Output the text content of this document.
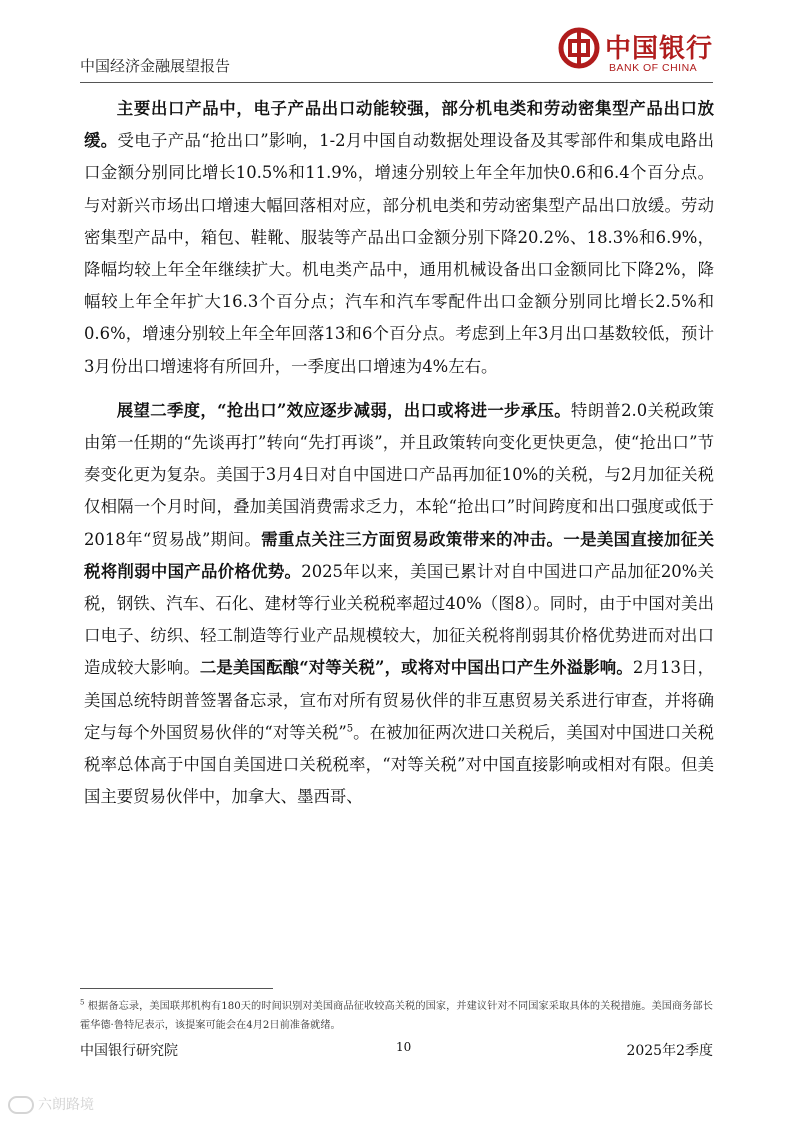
中国经济金融展望报告
中国银行
BANK OF CHINA

主要出口产品中，电子产品出口动能较强，部分机电类和劳动密集型产品出口放缓。受电子产品“抢出口”影响，1-2月中国自动数据处理设备及其零部件和集成电路出口金额分别同比增长10.5%和11.9%，增速分别较上年全年加快0.6和6.4个百分点。与对新兴市场出口增速大幅回落相对应，部分机电类和劳动密集型产品出口放缓。劳动密集型产品中，箱包、鞋靴、服装等产品出口金额分别下降20.2%、18.3%和6.9%，降幅均较上年全年继续扩大。机电类产品中，通用机械设备出口金额同比下降2%，降幅较上年全年扩大16.3个百分点；汽车和汽车零配件出口金额分别同比增长2.5%和0.6%，增速分别较上年全年回落13和6个百分点。考虑到上年3月出口基数较低，预计3月份出口增速将有所回升，一季度出口增速为4%左右。

展望二季度，“抢出口”效应逐步减弱，出口或将进一步承压。特朗普2.0关税政策由第一任期的“先谈再打”转向“先打再谈”，并且政策转向变化更快更急，使“抢出口”节奏变化更为复杂。美国于3月4日对自中国进口产品再加征10%的关税，与2月加征关税仅相隔一个月时间，叠加美国消费需求乏力，本轮“抢出口”时间跨度和出口强度或低于2018年“贸易战”期间。需重点关注三方面贸易政策带来的冲击。一是美国直接加征关税将削弱中国产品价格优势。2025年以来，美国已累计对自中国进口产品加征20%关税，钢铁、汽车、石化、建材等行业关税税率超过40%（图8）。同时，由于中国对美出口电子、纺织、轻工制造等行业产品规模较大，加征关税将削弱其价格优势进而对出口造成较大影响。二是美国酝酿“对等关税”，或将对中国出口产生外溢影响。2月13日，美国总统特朗普签署备忘录，宣布对所有贸易伙伴的非互惠贸易关系进行审查，并将确定与每个外国贸易伙伴的“对等关税”$^5$。在被加征两次进口关税后，美国对中国进口关税税率总体高于中国自美国进口关税税率，“对等关税”对中国直接影响或相对有限。但美国主要贸易伙伴中，加拿大、墨西哥、

$^5$ 根据备忘录，美国联邦机构有180天的时间识别对美国商品征收较高关税的国家，并建议针对不同国家采取具体的关税措施。美国商务部长霍华德·鲁特尼表示，该提案可能会在4月2日前准备就绪。
中国银行研究院	10	2025年2季度
六朗路境
